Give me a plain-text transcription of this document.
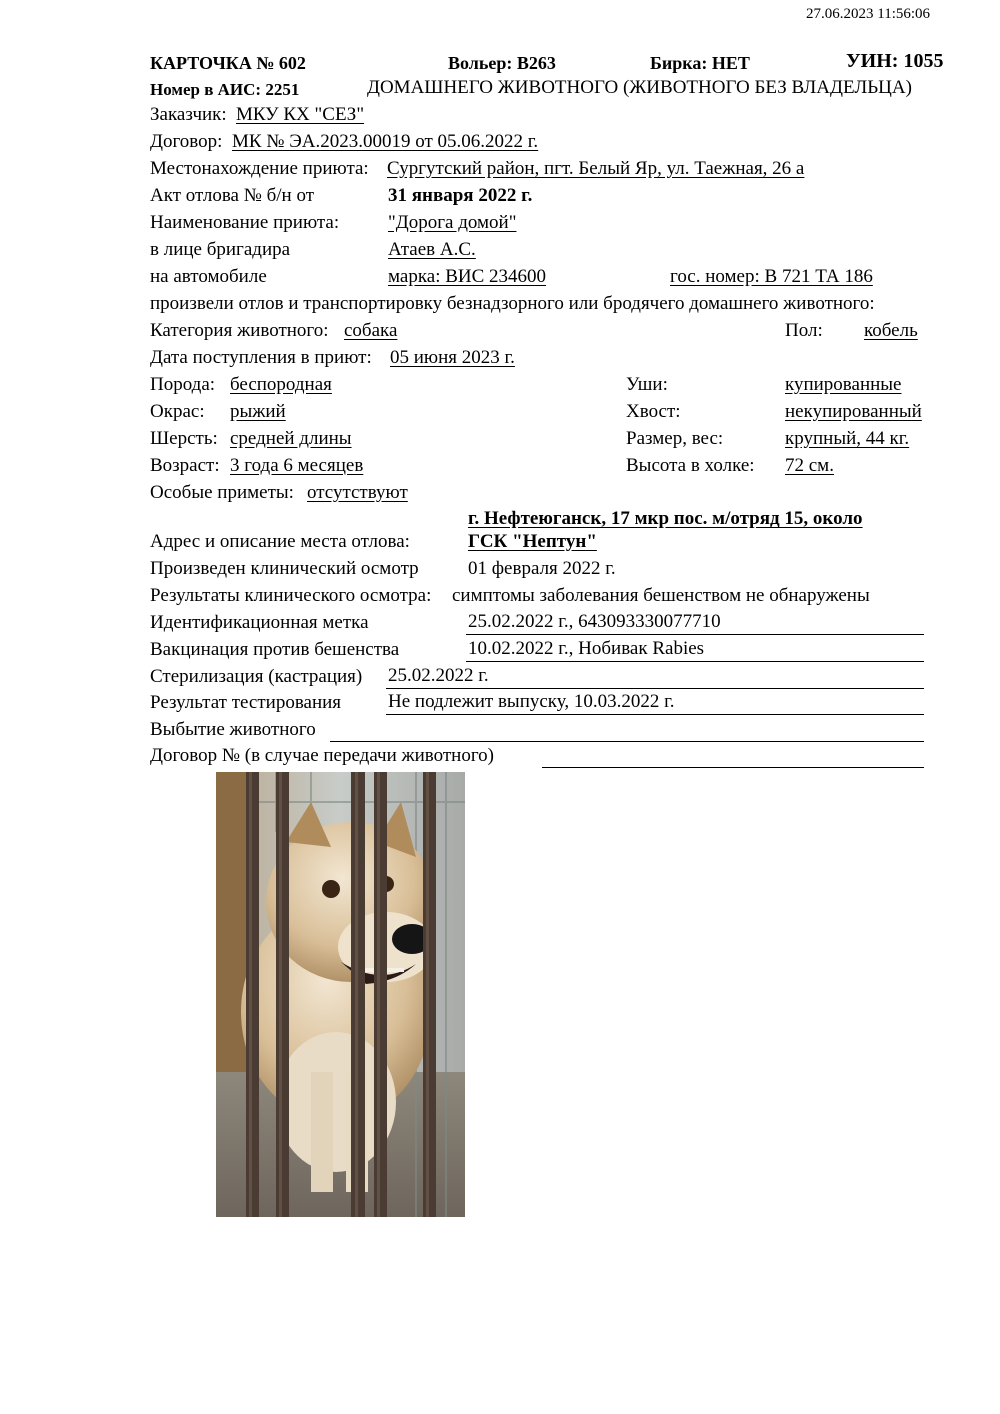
27.06.2023 11:56:06
КАРТОЧКА № 602	Вольер: В263	Бирка: НЕТ	УИН: 1055
Номер в АИС: 2251	ДОМАШНЕГО ЖИВОТНОГО (ЖИВОТНОГО БЕЗ ВЛАДЕЛЬЦА)
Заказчик: МКУ КХ "СЕЗ"
Договор: МК № ЭА.2023.00019 от 05.06.2022 г.
Местонахождение приюта: Сургутский район, пгт. Белый Яр, ул. Таежная, 26 а
Акт отлова № б/н от	31 января 2022 г.
Наименование приюта:	"Дорога домой"
в лице бригадира	Атаев А.С.
на автомобиле	марка: ВИС 234600	гос. номер: В 721 ТА 186
произвели отлов и транспортировку безнадзорного или бродячего домашнего животного:
Категория животного: собака	Пол: кобель
Дата поступления в приют: 05 июня 2023 г.
Порода: беспородная	Уши:	купированные
Окрас: рыжий	Хвост:	некупированный
Шерсть: средней длины	Размер, вес:	крупный, 44 кг.
Возраст: 3 года 6 месяцев	Высота в холке: 72 см.
Особые приметы: отсутствуют
г. Нефтеюганск, 17 мкр пос. м/отряд 15, около
Адрес и описание места отлова:	ГСК "Нептун"
Произведен клинический осмотр	01 февраля 2022 г.
Результаты клинического осмотра: симптомы заболевания бешенством не обнаружены
Идентификационная метка	25.02.2022 г., 643093330077710
Вакцинация против бешенства	10.02.2022 г., Нобивак Rabies
Стерилизация (кастрация) 25.02.2022 г.
Результат тестирования Не подлежит выпуску, 10.03.2022 г.
Выбытие животного
Договор № (в случае передачи животного)
